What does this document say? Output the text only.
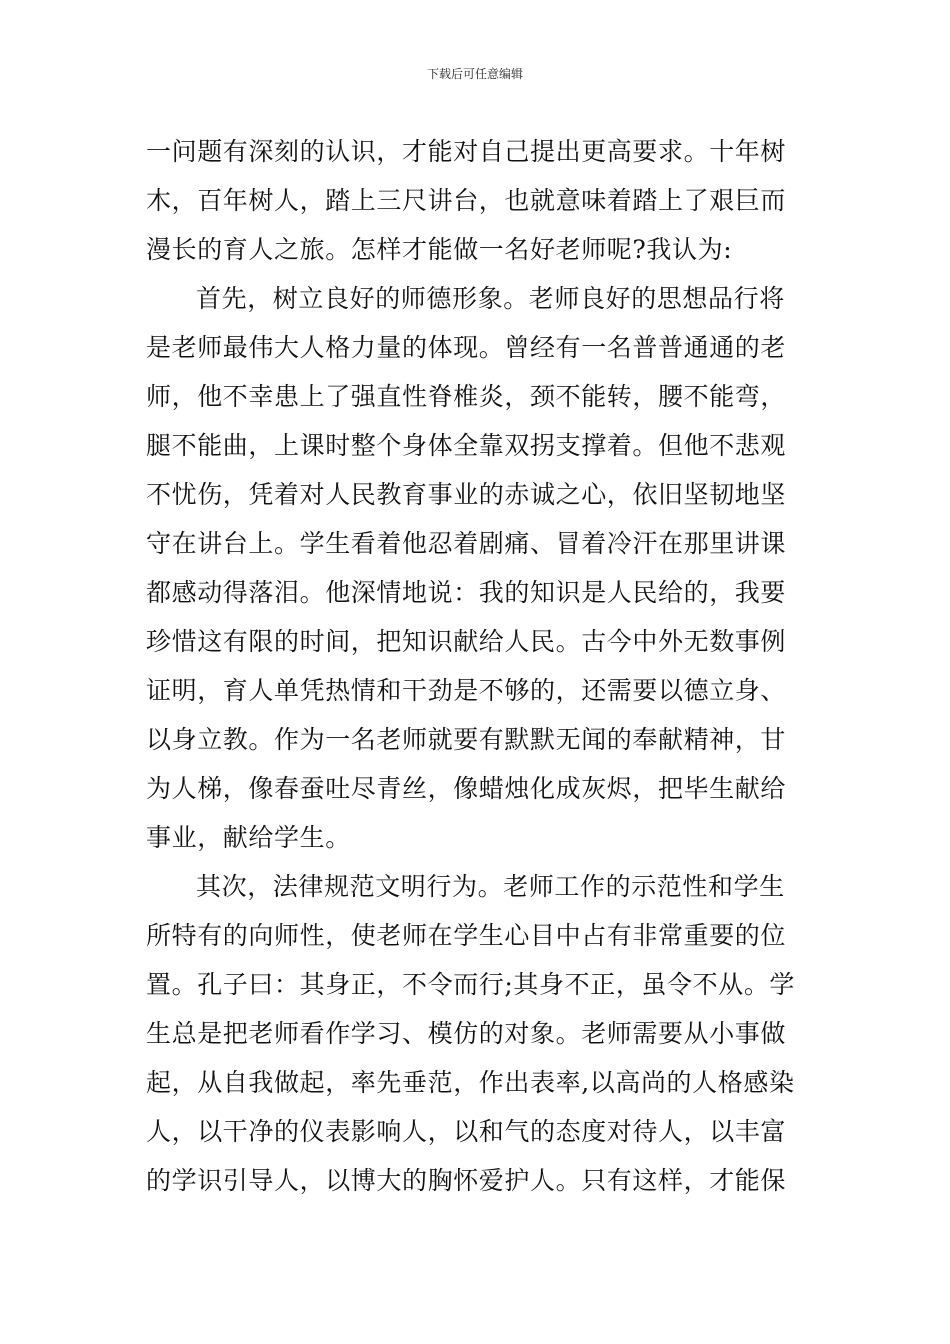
下载后可任意编辑
一问题有深刻的认识，才能对自己提出更高要求。十年树
木，百年树人，踏上三尺讲台，也就意味着踏上了艰巨而
漫长的育人之旅。怎样才能做一名好老师呢?我认为:
首先，树立良好的师德形象。老师良好的思想品行将
是老师最伟大人格力量的体现。曾经有一名普普通通的老
师，他不幸患上了强直性脊椎炎，颈不能转，腰不能弯，
腿不能曲，上课时整个身体全靠双拐支撑着。但他不悲观
不忧伤，凭着对人民教育事业的赤诚之心，依旧坚韧地坚
守在讲台上。学生看着他忍着剧痛、冒着冷汗在那里讲课
都感动得落泪。他深情地说：我的知识是人民给的，我要
珍惜这有限的时间，把知识献给人民。古今中外无数事例
证明，育人单凭热情和干劲是不够的，还需要以德立身、
以身立教。作为一名老师就要有默默无闻的奉献精神，甘
为人梯，像春蚕吐尽青丝，像蜡烛化成灰烬，把毕生献给
事业，献给学生。
其次，法律规范文明行为。老师工作的示范性和学生
所特有的向师性，使老师在学生心目中占有非常重要的位
置。孔子曰：其身正，不令而行;其身不正，虽令不从。学
生总是把老师看作学习、模仿的对象。老师需要从小事做
起，从自我做起，率先垂范，作出表率,以高尚的人格感染
人，以干净的仪表影响人，以和气的态度对待人，以丰富
的学识引导人，以博大的胸怀爱护人。只有这样，才能保
